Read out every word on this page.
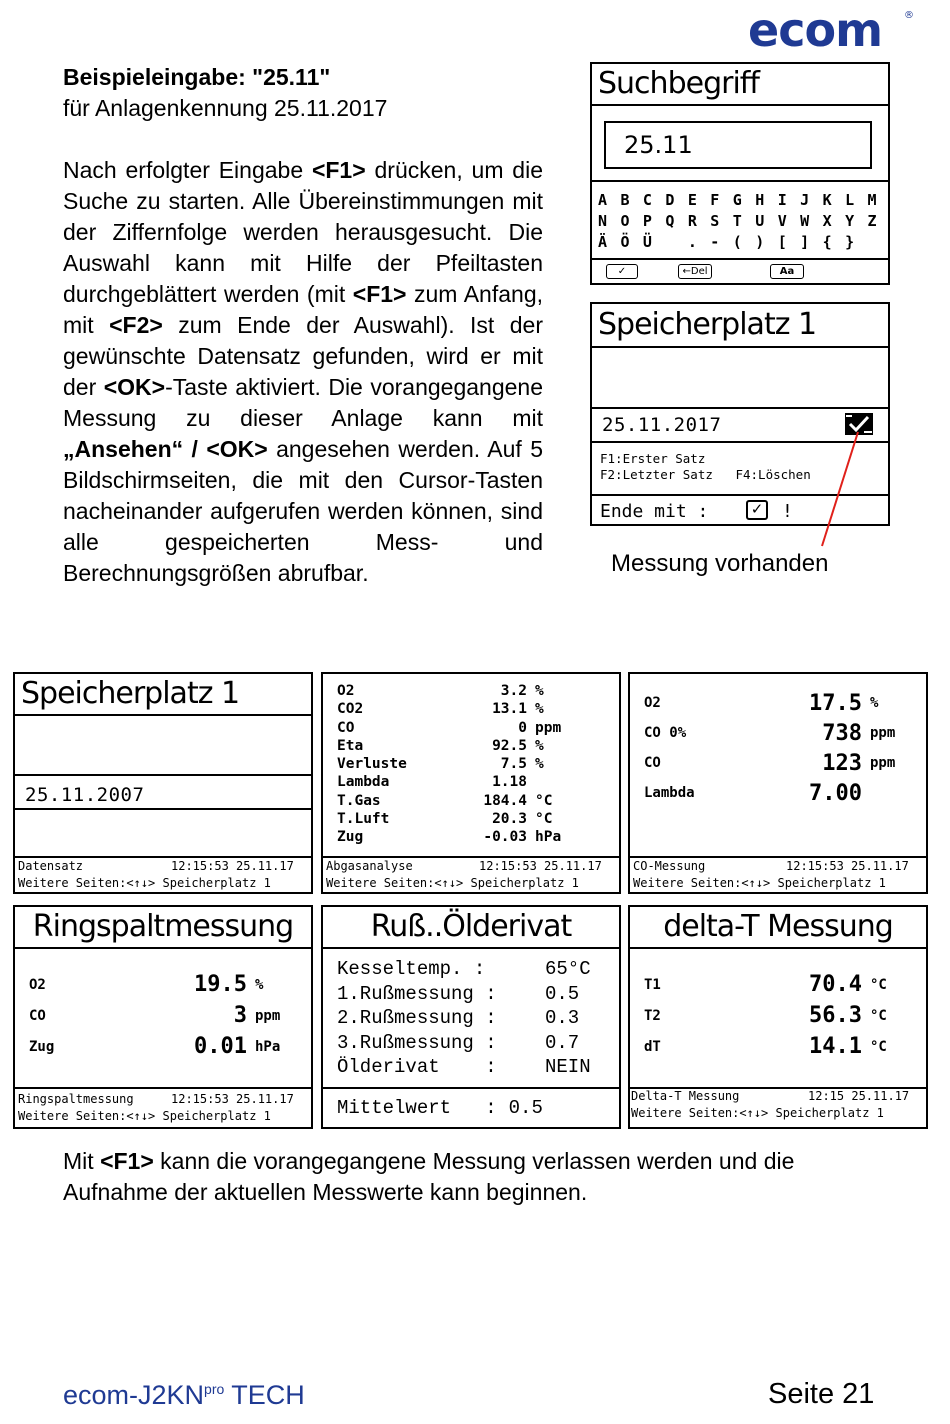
ecom ®
Beispieleingabe: "25.11"
für Anlagenkennung 25.11.2017
Nach erfolgter Eingabe <F1> drücken, um die Suche zu starten. Alle Übereinstimmungen mit der Ziffernfolge werden herausgesucht. Die Auswahl kann mit Hilfe der Pfeiltasten durchgeblättert werden (mit <F1> zum Anfang, mit <F2> zum Ende der Auswahl). Ist der gewünschte Datensatz gefunden, wird er mit der <OK>-Taste aktiviert. Die vorangegangene Messung zu dieser Anlage kann mit „Ansehen“ / <OK> angesehen werden. Auf 5 Bildschirmseiten, die mit den Cursor-Tasten nacheinander aufgerufen werden können, sind alle gespeicherten Mess- und Berechnungsgrößen abrufbar.
Suchbegriff
25.11
A B C D E F G H I J K L M
N O P Q R S T U V W X Y Z
Ä Ö Ü   . - ( ) [ ] { }
✓	←Del	Aa
Speicherplatz 1
25.11.2017
F1:Erster Satz
F2:Letzter Satz   F4:Löschen
Ende mit :	✓ !
Messung vorhanden
Speicherplatz 1
25.11.2007
Datensatz	12:15:53 25.11.17
Weitere Seiten:<↑↓> Speicherplatz 1
O2	3.2	%
CO2	13.1	%
CO	0	ppm
Eta	92.5	%
Verluste	7.5	%
Lambda	1.18	
T.Gas	184.4	°C
T.Luft	20.3	°C
Zug	-0.03	hPa
Abgasanalyse	12:15:53 25.11.17
Weitere Seiten:<↑↓> Speicherplatz 1
O2	17.5	%
CO 0%	738	ppm
CO	123	ppm
Lambda	7.00	
CO-Messung	12:15:53 25.11.17
Weitere Seiten:<↑↓> Speicherplatz 1
Ringspaltmessung
O2	19.5	%
CO	3	ppm
Zug	0.01	hPa
Ringspaltmessung	12:15:53 25.11.17
Weitere Seiten:<↑↓> Speicherplatz 1
Ruß..Ölderivat
Kesseltemp. :	65°C
1.Rußmessung :	0.5
2.Rußmessung :	0.3
3.Rußmessung :	0.7
Ölderivat    :	NEIN
Mittelwert   : 0.5
delta-T Messung
T1	70.4	°C
T2	56.3	°C
dT	14.1	°C
Delta-T Messung	12:15 25.11.17
Weitere Seiten:<↑↓> Speicherplatz 1
Mit <F1> kann die vorangegangene Messung verlassen werden und die Aufnahme der aktuellen Messwerte kann beginnen.
ecom-$J2KN^{pro}$ TECH	Seite 21
